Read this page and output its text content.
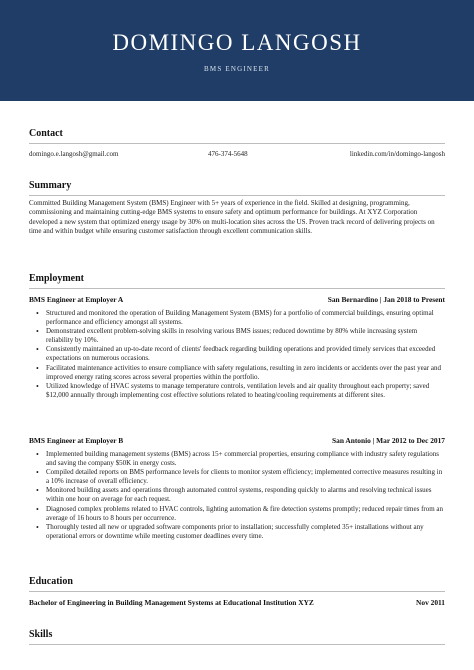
DOMINGO LANGOSH
BMS ENGINEER
Contact
domingo.e.langosh@gmail.com	476-374-5648	linkedin.com/in/domingo-langosh
Summary
Committed Building Management System (BMS) Engineer with 5+ years of experience in the field. Skilled at designing, programming, commissioning and maintaining cutting-edge BMS systems to ensure safety and optimum performance for buildings. At XYZ Corporation developed a new system that optimized energy usage by 30% on multi-location sites across the US. Proven track record of delivering projects on time and within budget while ensuring customer satisfaction through excellent communication skills.
Employment
BMS Engineer at Employer A	San Bernardino | Jan 2018 to Present
• Structured and monitored the operation of Building Management System (BMS) for a portfolio of commercial buildings, ensuring optimal performance and efficiency amongst all systems.
• Demonstrated excellent problem-solving skills in resolving various BMS issues; reduced downtime by 80% while increasing system reliability by 10%.
• Consistently maintained an up-to-date record of clients' feedback regarding building operations and provided timely services that exceeded expectations on numerous occasions.
• Facilitated maintenance activities to ensure compliance with safety regulations, resulting in zero incidents or accidents over the past year and improved energy rating scores across several properties within the portfolio.
• Utilized knowledge of HVAC systems to manage temperature controls, ventilation levels and air quality throughout each property; saved $12,000 annually through implementing cost effective solutions related to heating/cooling requirements at different sites.
BMS Engineer at Employer B	San Antonio | Mar 2012 to Dec 2017
• Implemented building management systems (BMS) across 15+ commercial properties, ensuring compliance with industry safety regulations and saving the company $50K in energy costs.
• Compiled detailed reports on BMS performance levels for clients to monitor system efficiency; implemented corrective measures resulting in a 10% increase of overall efficiency.
• Monitored building assets and operations through automated control systems, responding quickly to alarms and resolving technical issues within one hour on average for each request.
• Diagnosed complex problems related to HVAC controls, lighting automation & fire detection systems promptly; reduced repair times from an average of 16 hours to 8 hours per occurrence.
• Thoroughly tested all new or upgraded software components prior to installation; successfully completed 35+ installations without any operational errors or downtime while meeting customer deadlines every time.
Education
Bachelor of Engineering in Building Management Systems at Educational Institution XYZ	Nov 2011
Skills
